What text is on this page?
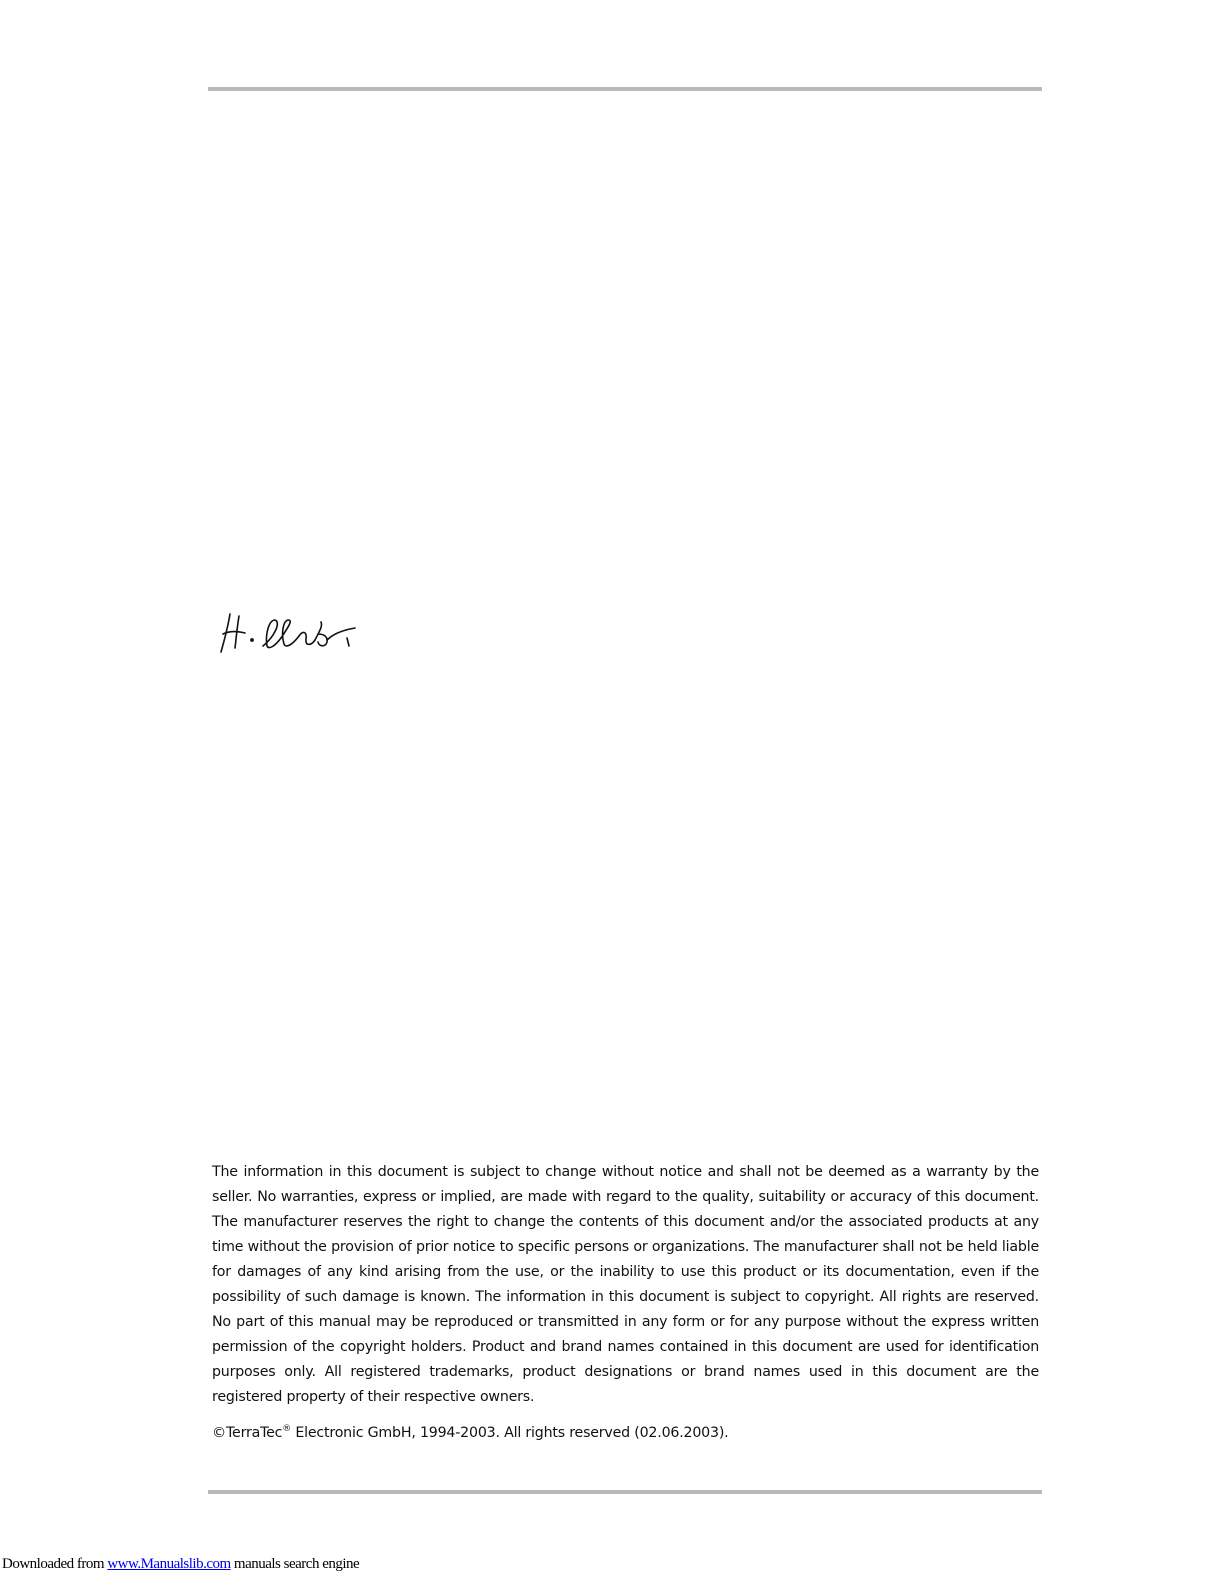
The information in this document is subject to change without notice and shall not be deemed as a warranty by the seller. No warranties, express or implied, are made with regard to the quality, suitability or accuracy of this document. The manufacturer reserves the right to change the contents of this document and/or the associated products at any time without the provision of prior notice to specific persons or organizations. The manufacturer shall not be held liable for damages of any kind arising from the use, or the inability to use this product or its documentation, even if the possibility of such damage is known. The information in this document is subject to copyright. All rights are reserved. No part of this manual may be reproduced or transmitted in any form or for any purpose without the express written permission of the copyright holders. Product and brand names contained in this document are used for identification purposes only. All registered trademarks, product designations or brand names used in this document are the registered property of their respective owners.

©TerraTec® Electronic GmbH, 1994-2003. All rights reserved (02.06.2003).

Downloaded from www.Manualslib.com manuals search engine
